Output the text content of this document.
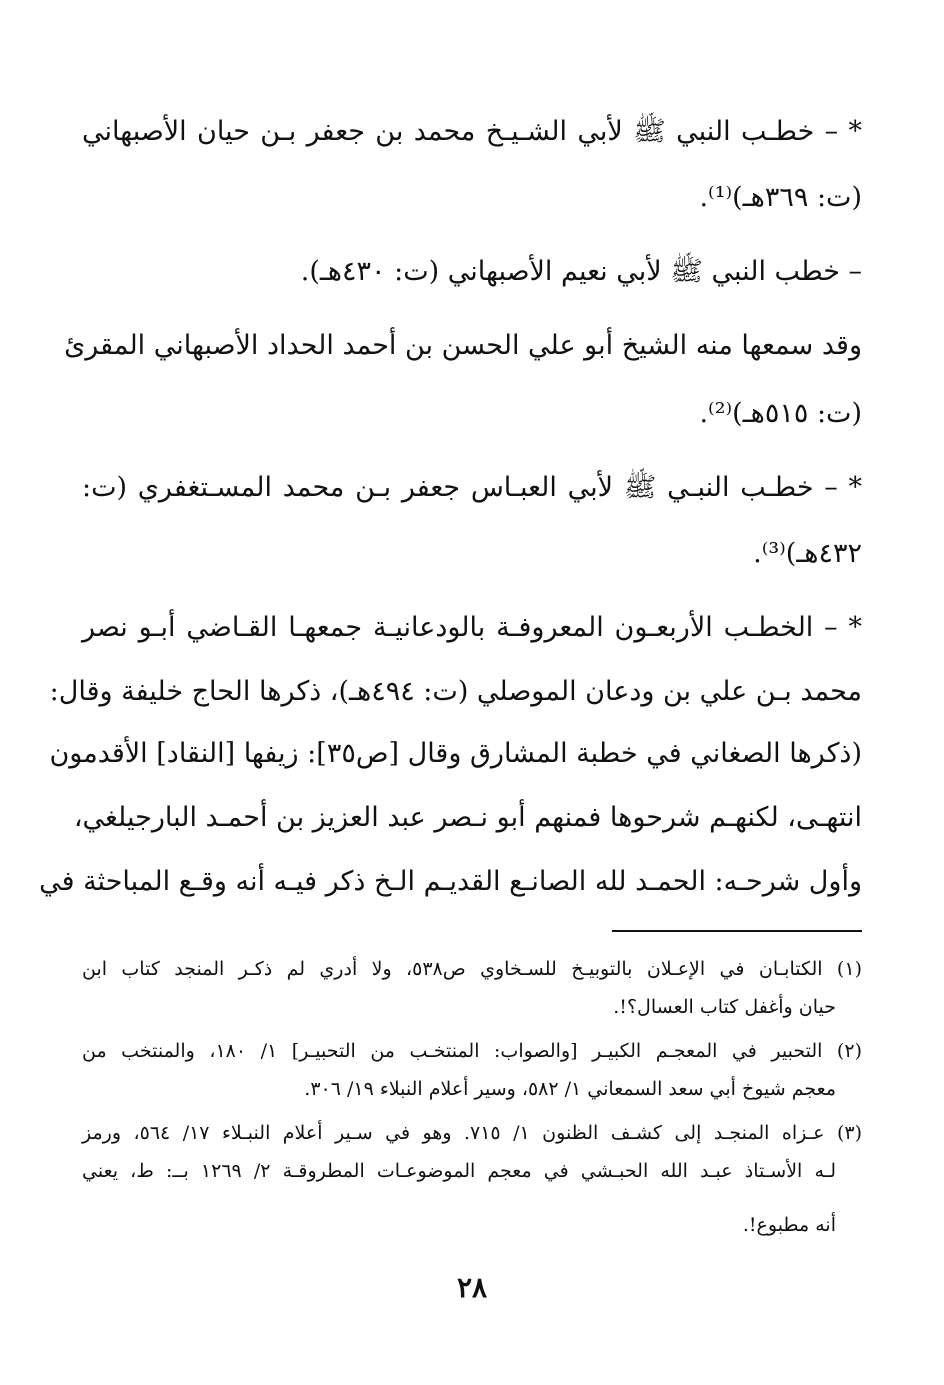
* – خطـب النبي ﷺ لأبي الشـيـخ محمد بن جعفر بـن حيان الأصبهاني
(ت: ٣٦٩هـ)⁽¹⁾.
– خطب النبي ﷺ لأبي نعيم الأصبهاني (ت: ٤٣٠هـ).
وقد سمعها منه الشيخ أبو علي الحسن بن أحمد الحداد الأصبهاني المقرئ
(ت: ٥١٥هـ)⁽²⁾.
* – خطـب النبـي ﷺ لأبي العبـاس جعفر بـن محمد المسـتغفري (ت:
٤٣٢هـ)⁽³⁾.
* – الخطـب الأربعـون المعروفـة بالودعانيـة جمعهـا القـاضي أبـو نصر
محمد بـن علي بن ودعان الموصلي (ت: ٤٩٤هـ)، ذكرها الحاج خليفة وقال:
(ذكرها الصغاني في خطبة المشارق وقال [ص٣٥]: زيفها [النقاد] الأقدمون
انتهـى، لكنهـم شرحوها فمنهم أبو نـصر عبد العزيز بن أحمـد البارجيلغي،
وأول شرحـه: الحمـد لله الصانـع القديـم الـخ ذكر فيـه أنه وقـع المباحثة في
(١) الكتابـان في الإعـلان بالتوبيـخ للسـخاوي ص٥٣٨، ولا أدري لم ذكـر المنجد كتاب ابن
حيان وأغفل كتاب العسال؟!.
(٢) التحبير في المعجـم الكبيـر [والصواب: المنتخـب من التحبيـر] ١/ ١٨٠، والمنتخب من
معجم شيوخ أبي سعد السمعاني ١/ ٥٨٢، وسير أعلام النبلاء ١٩/ ٣٠٦.
(٣) عـزاه المنجـد إلى كشـف الظنون ١/ ٧١٥. وهو في سـير أعلام النبـلاء ١٧/ ٥٦٤، ورمز
لـه الأسـتاذ عبـد الله الحبـشي في معجم الموضوعـات المطروقـة ٢/ ١٢٦٩ بــ: ط، يعني
أنه مطبوع!.
٢٨
